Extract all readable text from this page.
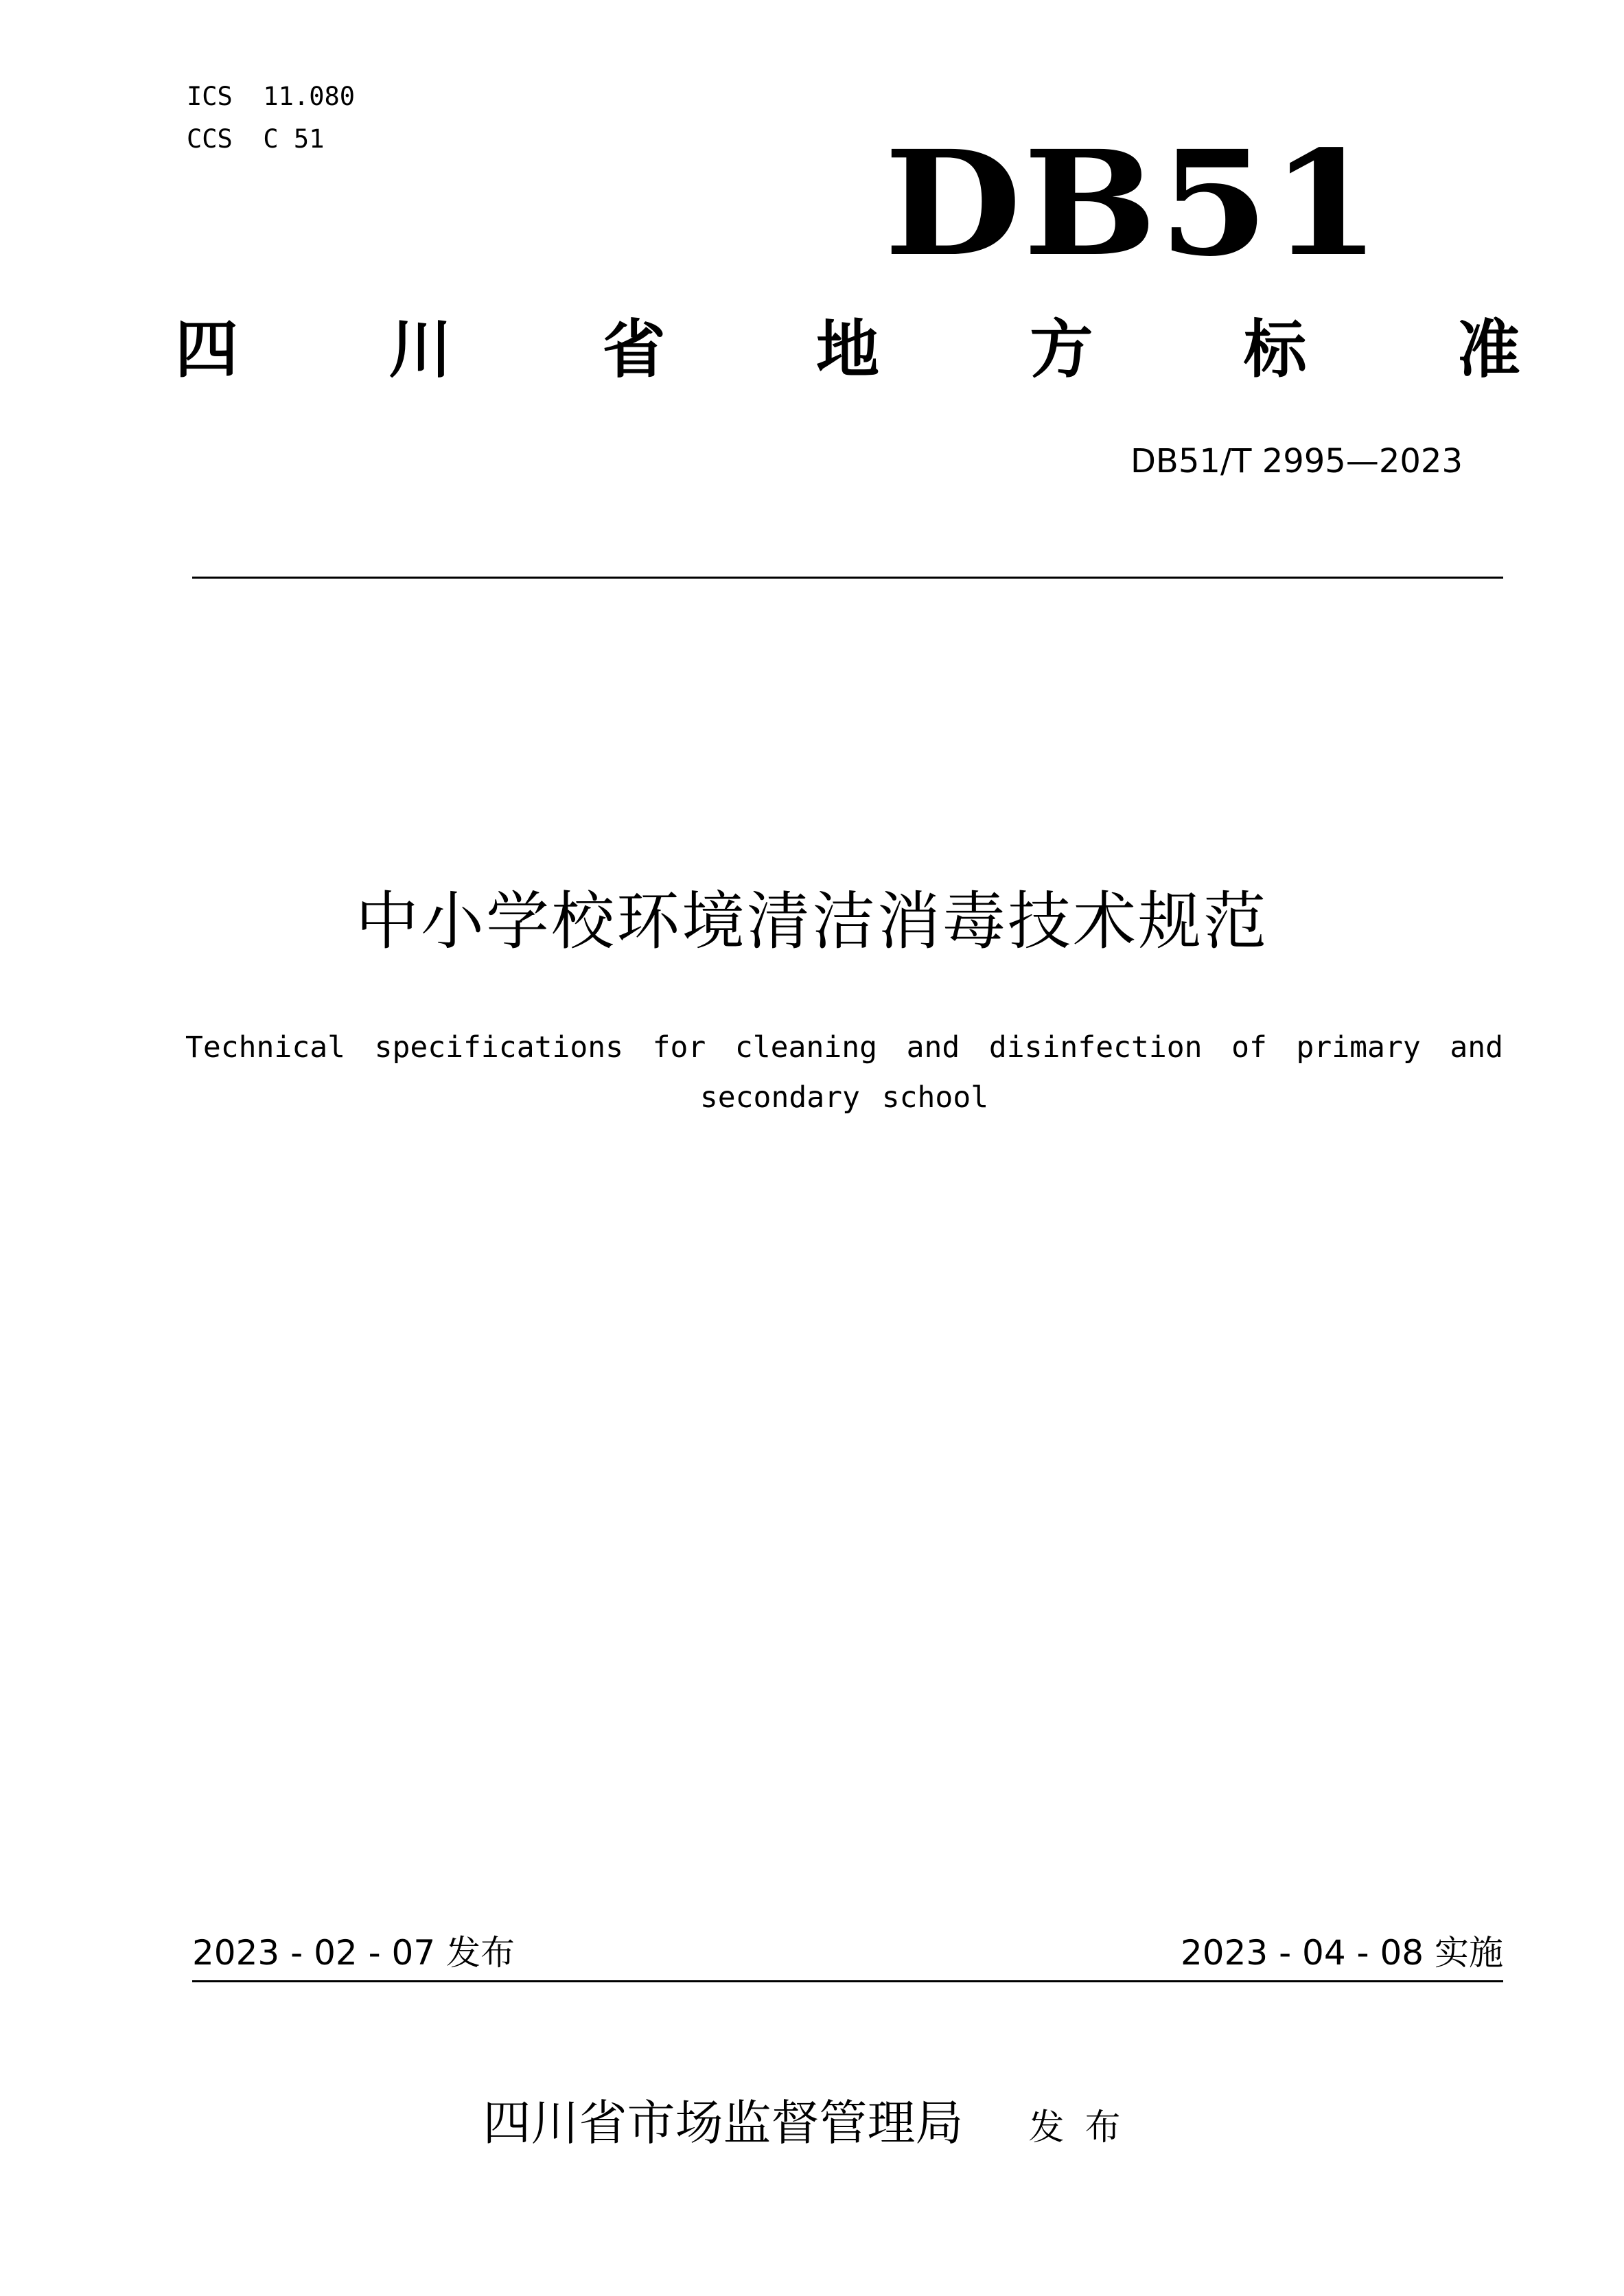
ICS  11.080
CCS  C 51	DB51
四 川 省 地 方 标 准
DB51/T 2995—2023
中小学校环境清洁消毒技术规范
Technical specifications for cleaning and disinfection of primary and secondary school
2023 - 02 - 07 发布	2023 - 04 - 08 实施
四川省市场监督管理局 发布
